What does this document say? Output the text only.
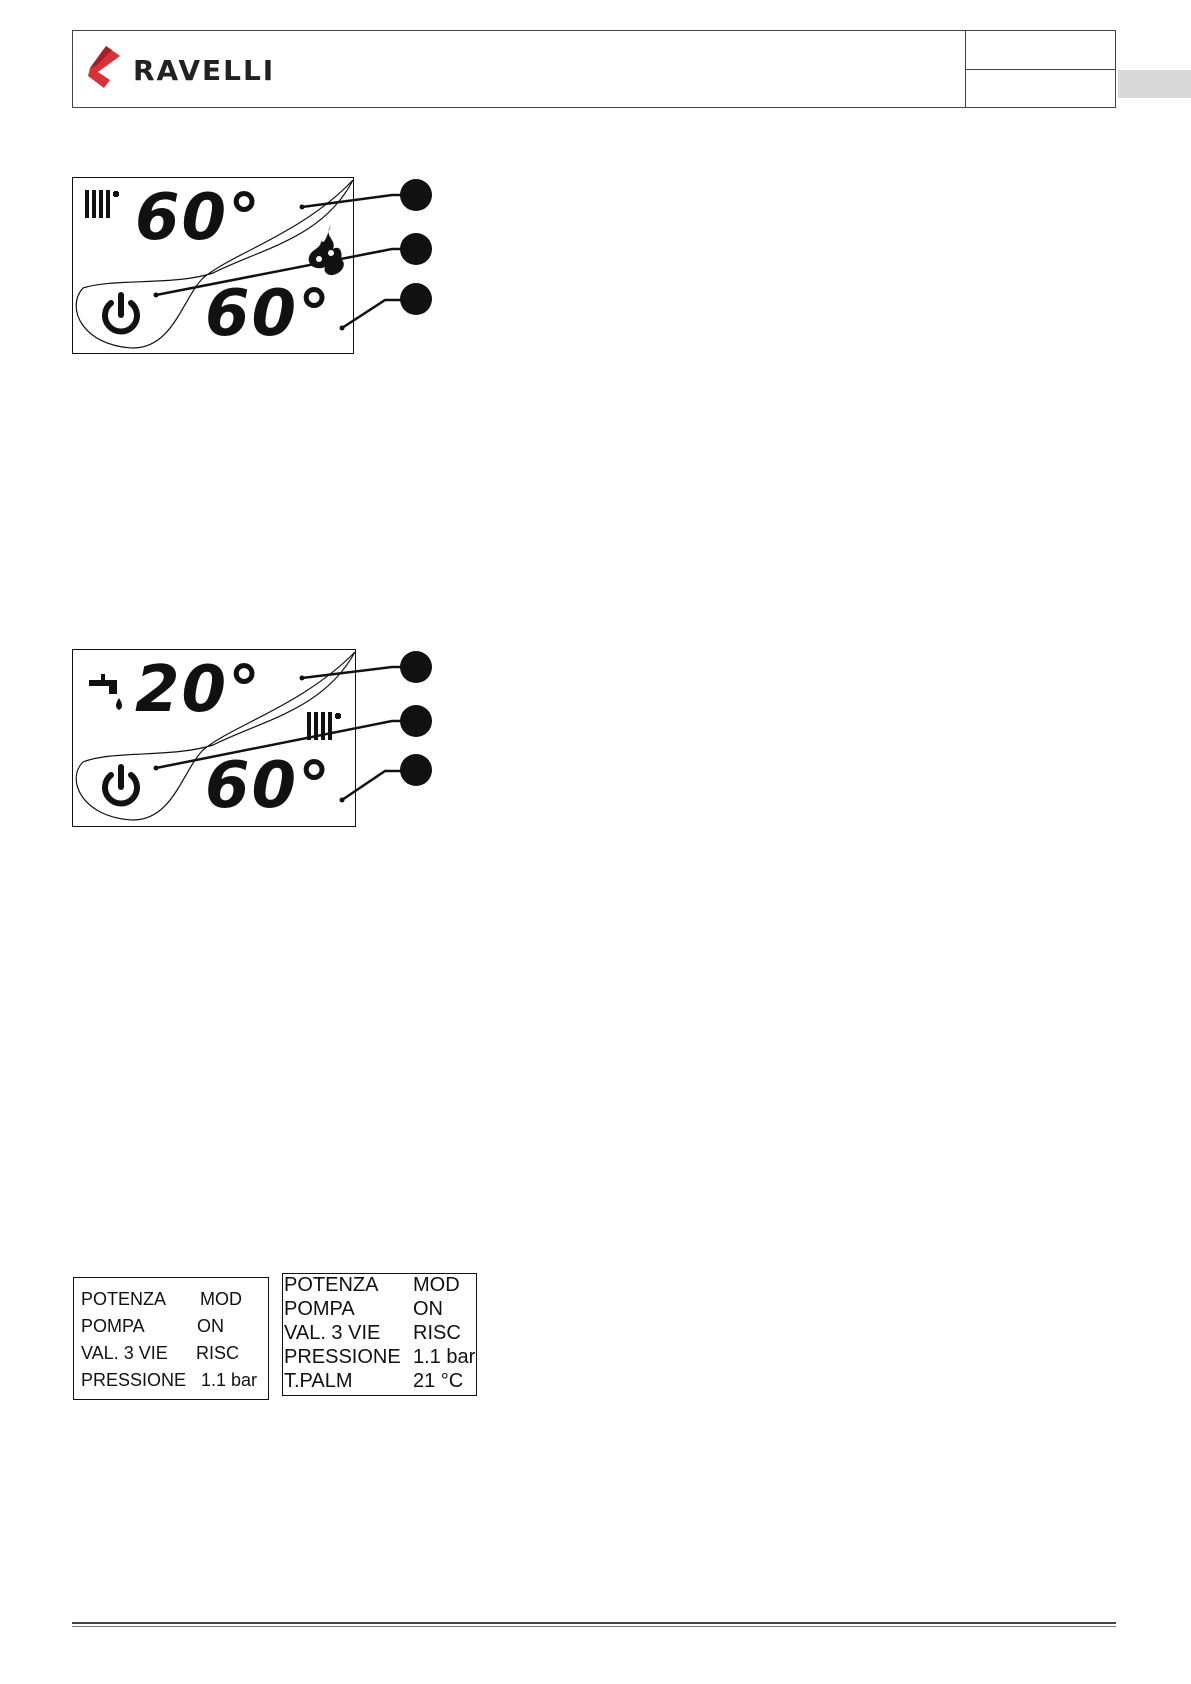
RAVELLI
60°
60°
20°
60°
POTENZA MOD
POMPA	ON
VAL. 3 VIE RISC
PRESSIONE 1.1 bar
POTENZA MOD
POMPA	ON
VAL. 3 VIE RISC
PRESSIONE 1.1 bar
T.PALM	21 °C
